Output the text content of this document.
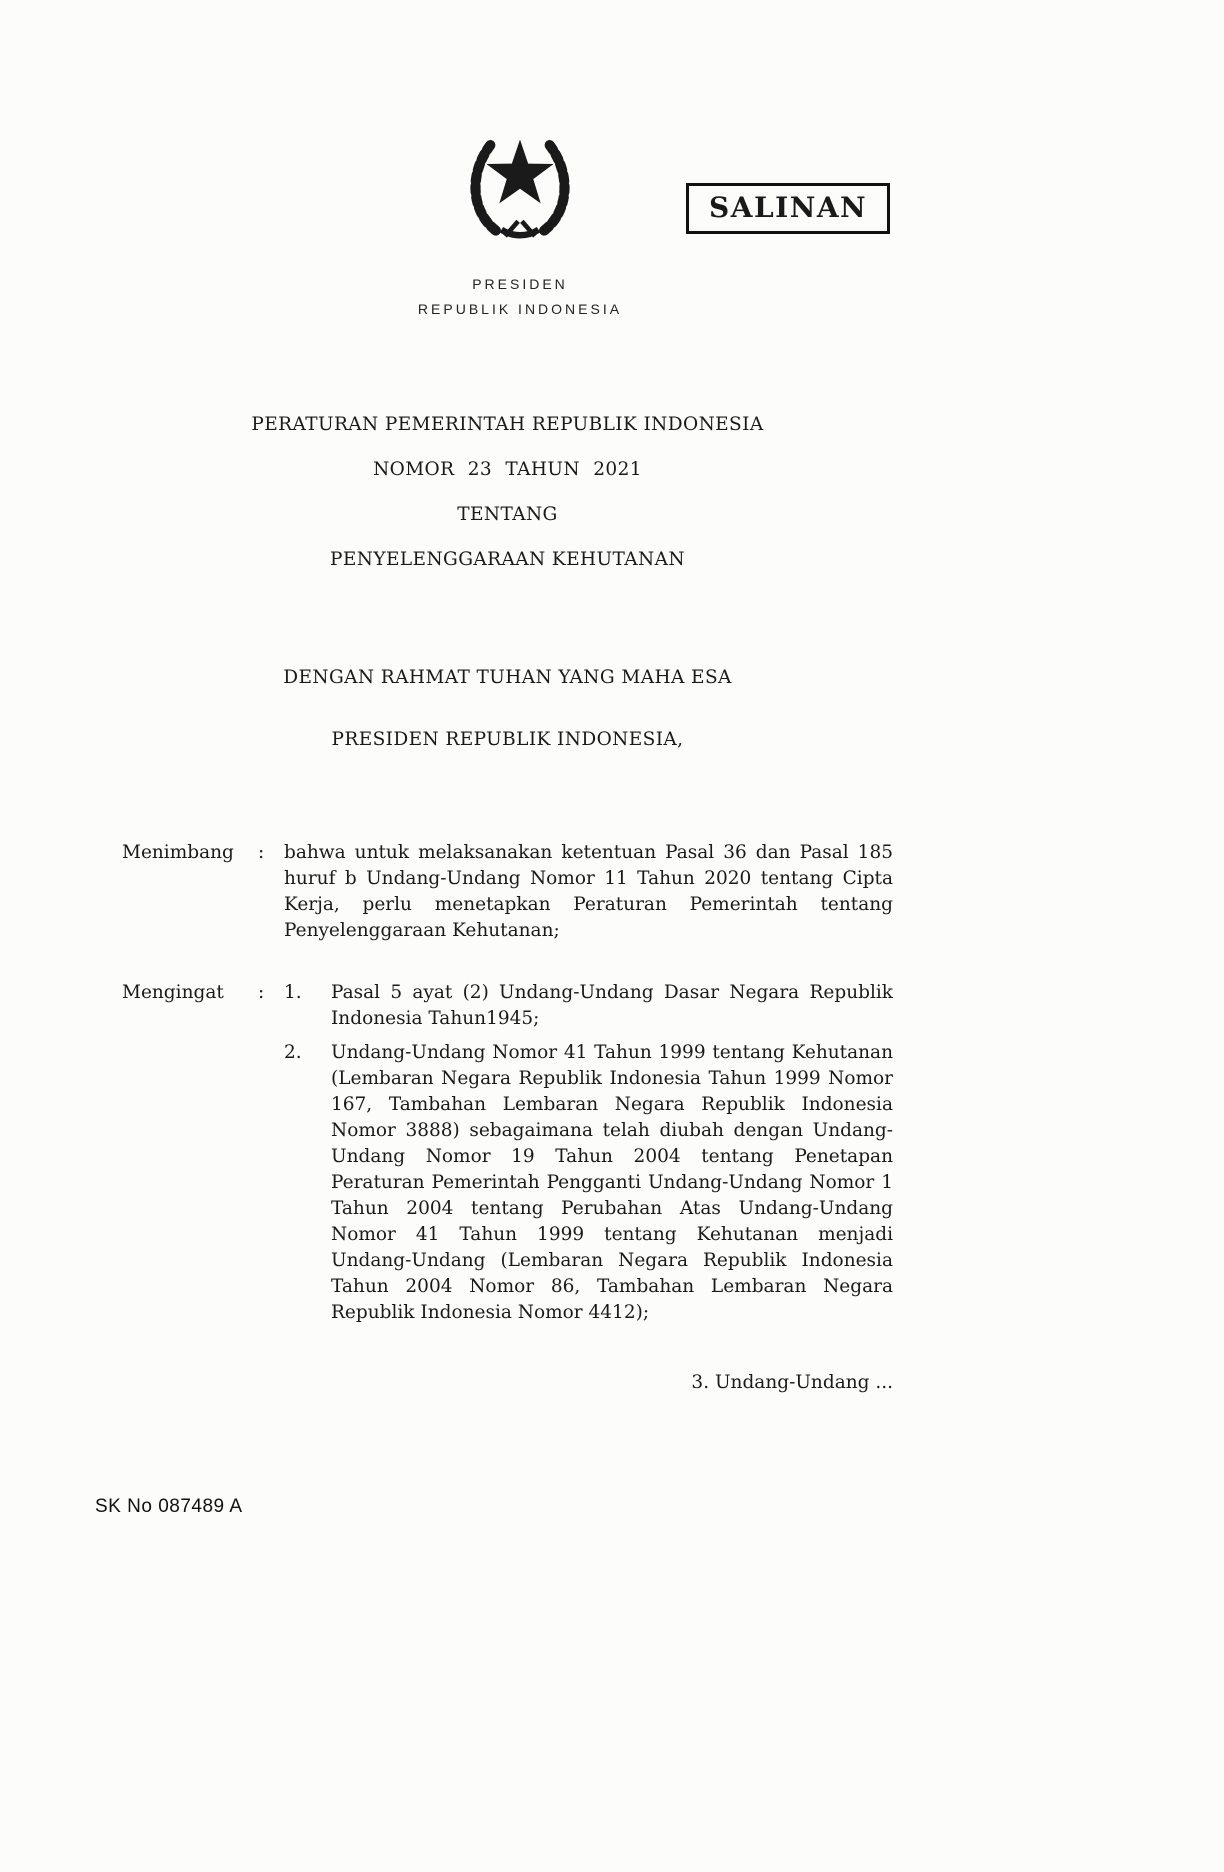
SALINAN
PRESIDEN
REPUBLIK INDONESIA

PERATURAN PEMERINTAH REPUBLIK INDONESIA

NOMOR 23 TAHUN 2021

TENTANG

PENYELENGGARAAN KEHUTANAN

DENGAN RAHMAT TUHAN YANG MAHA ESA

PRESIDEN REPUBLIK INDONESIA,

Menimbang	:	bahwa untuk melaksanakan ketentuan Pasal 36 dan Pasal 185 huruf b Undang-Undang Nomor 11 Tahun 2020 tentang Cipta Kerja, perlu menetapkan Peraturan Pemerintah tentang Penyelenggaraan Kehutanan;

Mengingat	:	1.	Pasal 5 ayat (2) Undang-Undang Dasar Negara Republik Indonesia Tahun1945;
2.	Undang-Undang Nomor 41 Tahun 1999 tentang Kehutanan (Lembaran Negara Republik Indonesia Tahun 1999 Nomor 167, Tambahan Lembaran Negara Republik Indonesia Nomor 3888) sebagaimana telah diubah dengan Undang-Undang Nomor 19 Tahun 2004 tentang Penetapan Peraturan Pemerintah Pengganti Undang-Undang Nomor 1 Tahun 2004 tentang Perubahan Atas Undang-Undang Nomor 41 Tahun 1999 tentang Kehutanan menjadi Undang-Undang (Lembaran Negara Republik Indonesia Tahun 2004 Nomor 86, Tambahan Lembaran Negara Republik Indonesia Nomor 4412);

3. Undang-Undang ...

SK No 087489 A
